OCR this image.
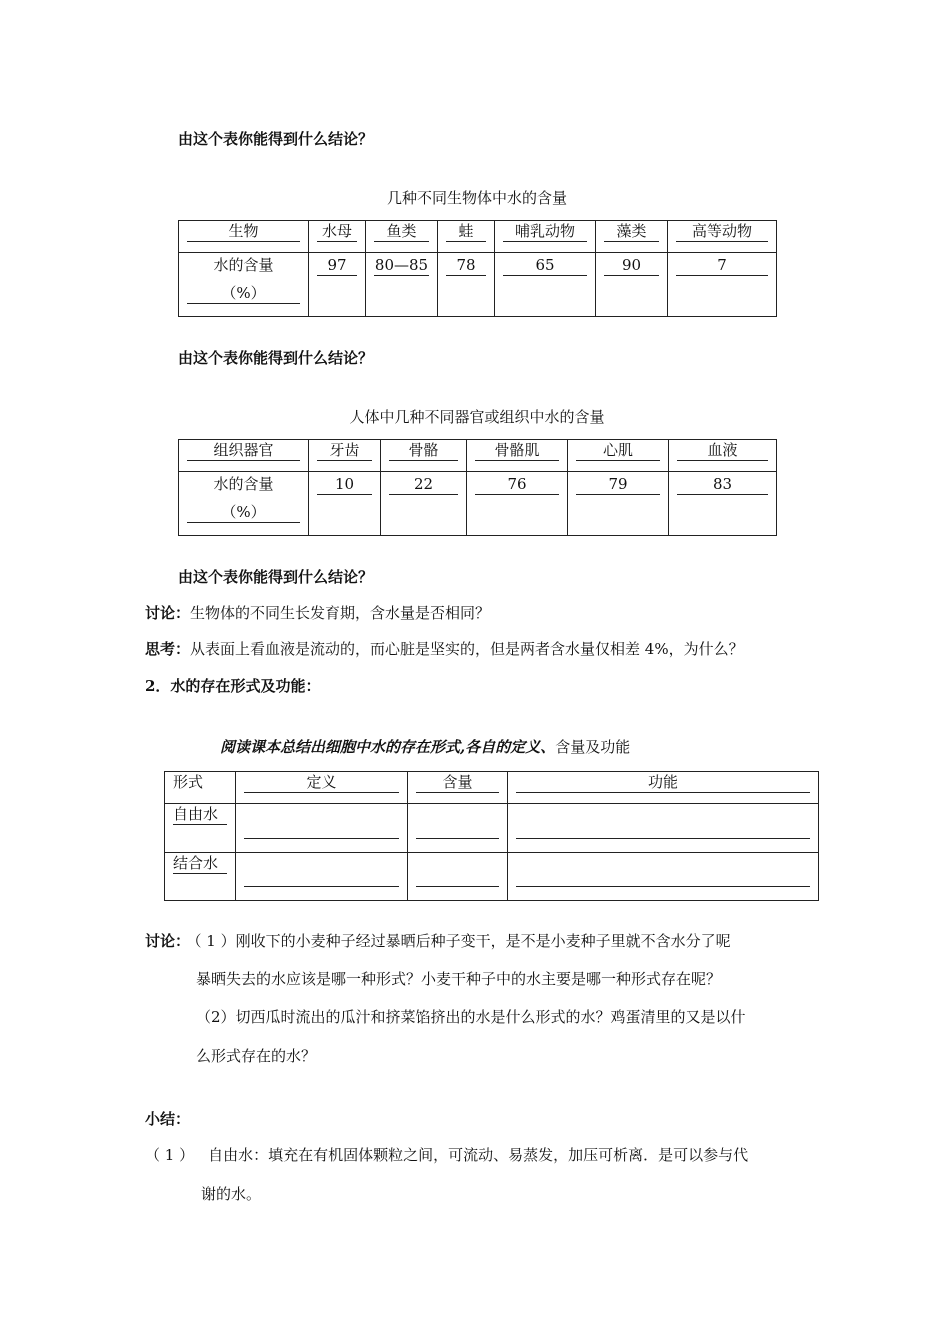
由这个表你能得到什么结论？
几种不同生物体中水的含量
生物	水母	鱼类	蛙	哺乳动物	藻类	高等动物

水的含量
（%）	97	80—85	78	65	90	7
由这个表你能得到什么结论？
人体中几种不同器官或组织中水的含量
组织器官	牙齿	骨骼	骨骼肌	心肌	血液

水的含量
（%）	10	22	76	79	83
由这个表你能得到什么结论？
讨论：生物体的不同生长发育期，含水量是否相同？
思考：从表面上看血液是流动的，而心脏是坚实的，但是两者含水量仅相差 4%，为什么？
2．水的存在形式及功能：
阅读课本总结出细胞中水的存在形式,各自的定义、含量及功能
形式	定义	含量	功能

自由水			

结合水			

讨论： （ 1 ）刚收下的小麦种子经过暴晒后种子变干，是不是小麦种子里就不含水分了呢
暴晒失去的水应该是哪一种形式？小麦干种子中的水主要是哪一种形式存在呢？
（2）切西瓜时流出的瓜汁和挤菜馅挤出的水是什么形式的水？鸡蛋清里的又是以什
么形式存在的水？
小结：
（ 1 ） 自由水：填充在有机固体颗粒之间，可流动、易蒸发，加压可析离．是可以参与代
谢的水。
